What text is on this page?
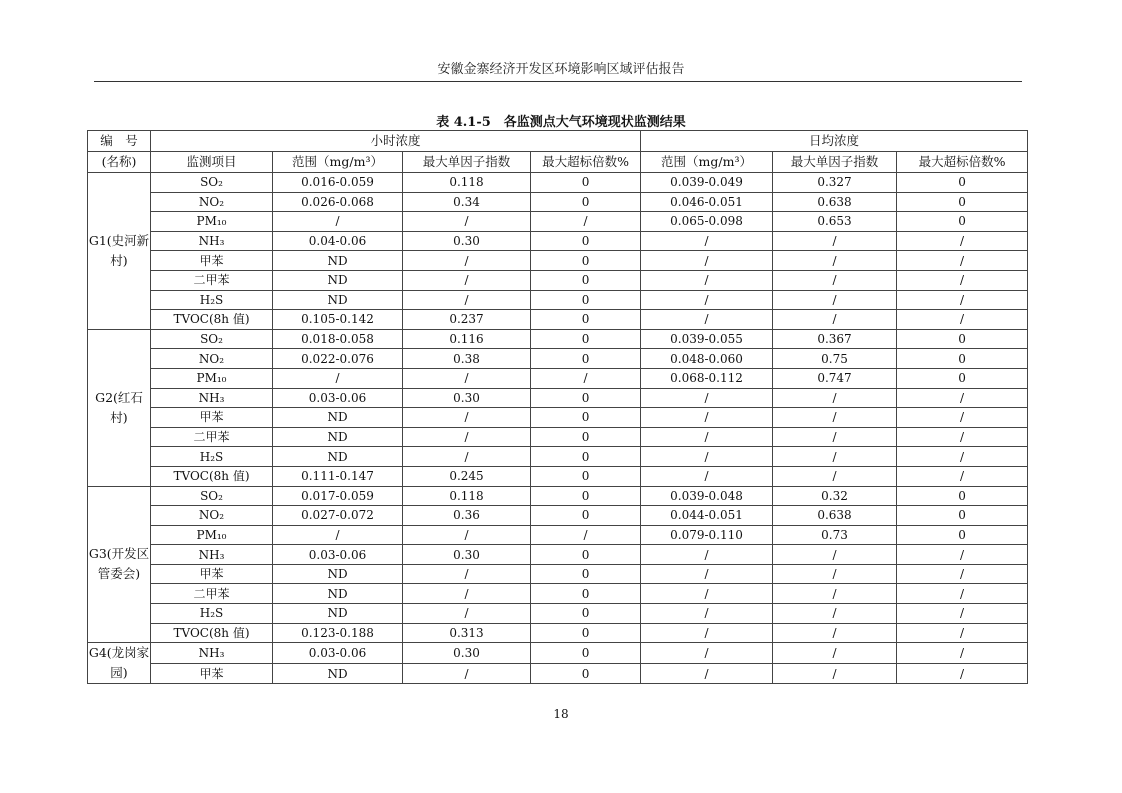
安徽金寨经济开发区环境影响区域评估报告
表 4.1-5　各监测点大气环境现状监测结果
编　号	小时浓度				日均浓度		
(名称)	监测项目	范围（mg/m³）	最大单因子指数	最大超标倍数%	范围（mg/m³）	最大单因子指数	最大超标倍数%
G1(史河新村)	SO₂	0.016-0.059	0.118	0	0.039-0.049	0.327	0
	NO₂	0.026-0.068	0.34	0	0.046-0.051	0.638	0
	PM₁₀	/	/	/	0.065-0.098	0.653	0
	NH₃	0.04-0.06	0.30	0	/	/	/
	甲苯	ND	/	0	/	/	/
	二甲苯	ND	/	0	/	/	/
	H₂S	ND	/	0	/	/	/
	TVOC(8h 值)	0.105-0.142	0.237	0	/	/	/
G2(红石村)	SO₂	0.018-0.058	0.116	0	0.039-0.055	0.367	0
	NO₂	0.022-0.076	0.38	0	0.048-0.060	0.75	0
	PM₁₀	/	/	/	0.068-0.112	0.747	0
	NH₃	0.03-0.06	0.30	0	/	/	/
	甲苯	ND	/	0	/	/	/
	二甲苯	ND	/	0	/	/	/
	H₂S	ND	/	0	/	/	/
	TVOC(8h 值)	0.111-0.147	0.245	0	/	/	/
G3(开发区管委会)	SO₂	0.017-0.059	0.118	0	0.039-0.048	0.32	0
	NO₂	0.027-0.072	0.36	0	0.044-0.051	0.638	0
	PM₁₀	/	/	/	0.079-0.110	0.73	0
	NH₃	0.03-0.06	0.30	0	/	/	/
	甲苯	ND	/	0	/	/	/
	二甲苯	ND	/	0	/	/	/
	H₂S	ND	/	0	/	/	/
	TVOC(8h 值)	0.123-0.188	0.313	0	/	/	/
G4(龙岗家园)	NH₃	0.03-0.06	0.30	0	/	/	/
	甲苯	ND	/	0	/	/	/
18
